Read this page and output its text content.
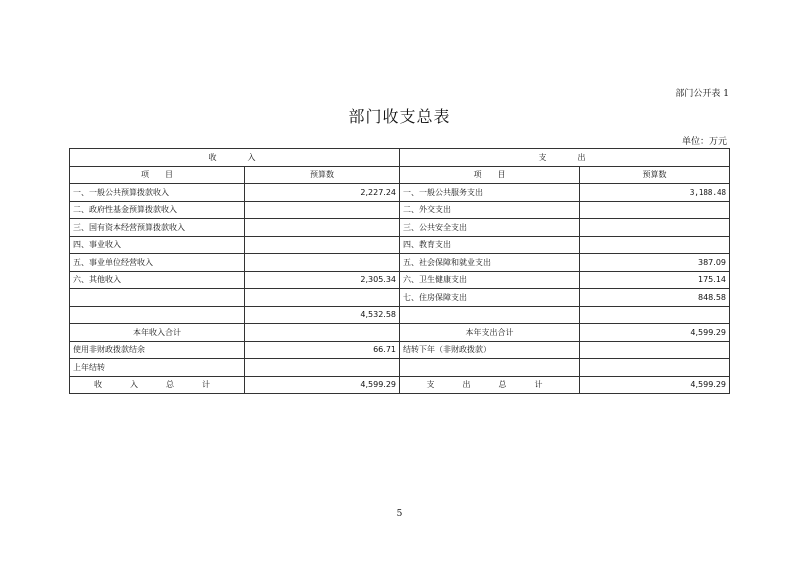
部门公开表 1
部门收支总表
单位：万元
收　　入		支　　出	
项　　目	预算数	项　　目	预算数
一、一般公共预算拨款收入	2,227.24	一、一般公共服务支出	3,188.48
二、政府性基金预算拨款收入		二、外交支出	
三、国有资本经营预算拨款收入		三、公共安全支出	
四、事业收入		四、教育支出	
五、事业单位经营收入		五、社会保障和就业支出	387.09
六、其他收入	2,305.34	六、卫生健康支出	175.14
		七、住房保障支出	848.58
	4,532.58		
本年收入合计		本年支出合计	4,599.29
使用非财政拨款结余	66.71	结转下年（非财政拨款）	
上年结转			
收　入　总　计	4,599.29	支　出　总　计	4,599.29
5
